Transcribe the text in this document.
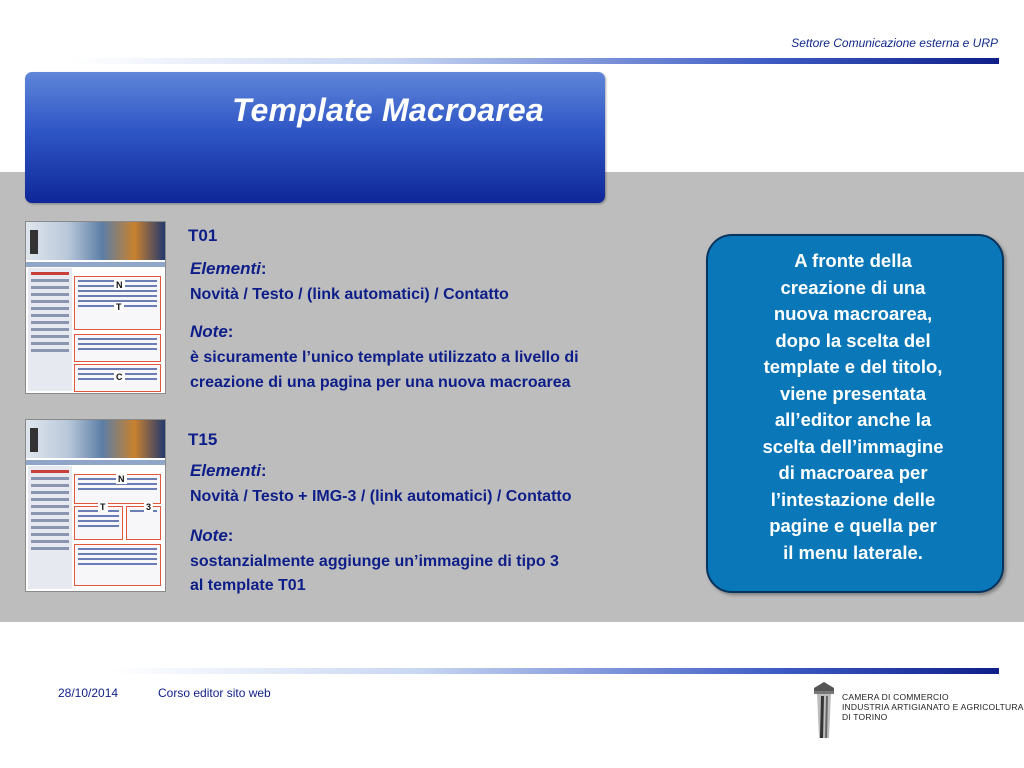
Settore Comunicazione esterna e URP
Template Macroarea
N
T
C
T01
Elementi:
Novità / Testo / (link automatici) / Contatto
Note:
è sicuramente l’unico template utilizzato a livello di
creazione di una pagina per una nuova macroarea
N
T	3
T15
Elementi:
Novità / Testo + IMG-3 / (link automatici) / Contatto
Note:
sostanzialmente aggiunge un’immagine di tipo 3
al template T01
A fronte della
creazione di una
nuova macroarea,
dopo la scelta del
template e del titolo,
viene presentata
all’editor anche la
scelta dell’immagine
di macroarea per
l’intestazione delle
pagine e quella per
il menu laterale.
28/10/2014	Corso editor sito web	CAMERA DI COMMERCIO
INDUSTRIA ARTIGIANATO E AGRICOLTURA
DI TORINO
